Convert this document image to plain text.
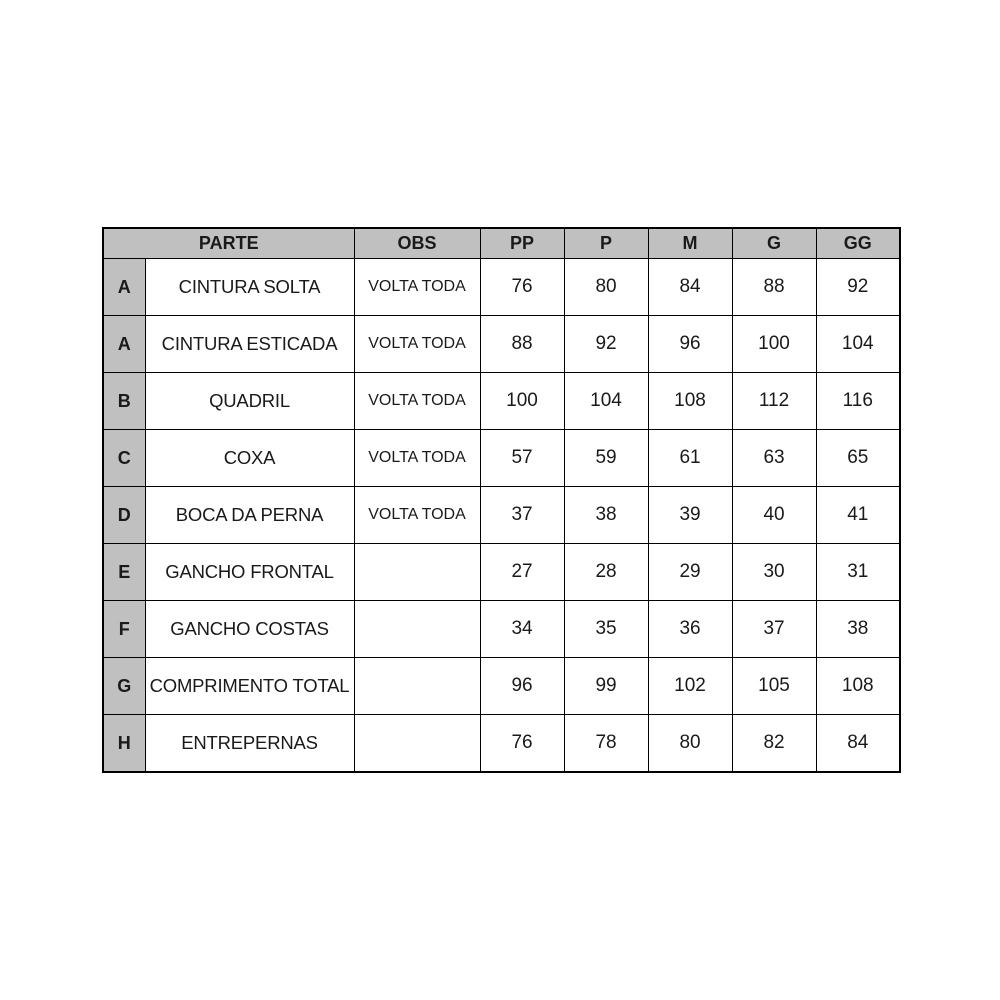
PARTE		OBS	PP	P	M	G	GG
A	CINTURA SOLTA	VOLTA TODA	76	80	84	88	92
A	CINTURA ESTICADA	VOLTA TODA	88	92	96	100	104
B	QUADRIL	VOLTA TODA	100	104	108	112	116
C	COXA	VOLTA TODA	57	59	61	63	65
D	BOCA DA PERNA	VOLTA TODA	37	38	39	40	41
E	GANCHO FRONTAL		27	28	29	30	31
F	GANCHO COSTAS		34	35	36	37	38
G	COMPRIMENTO TOTAL		96	99	102	105	108
H	ENTREPERNAS		76	78	80	82	84
